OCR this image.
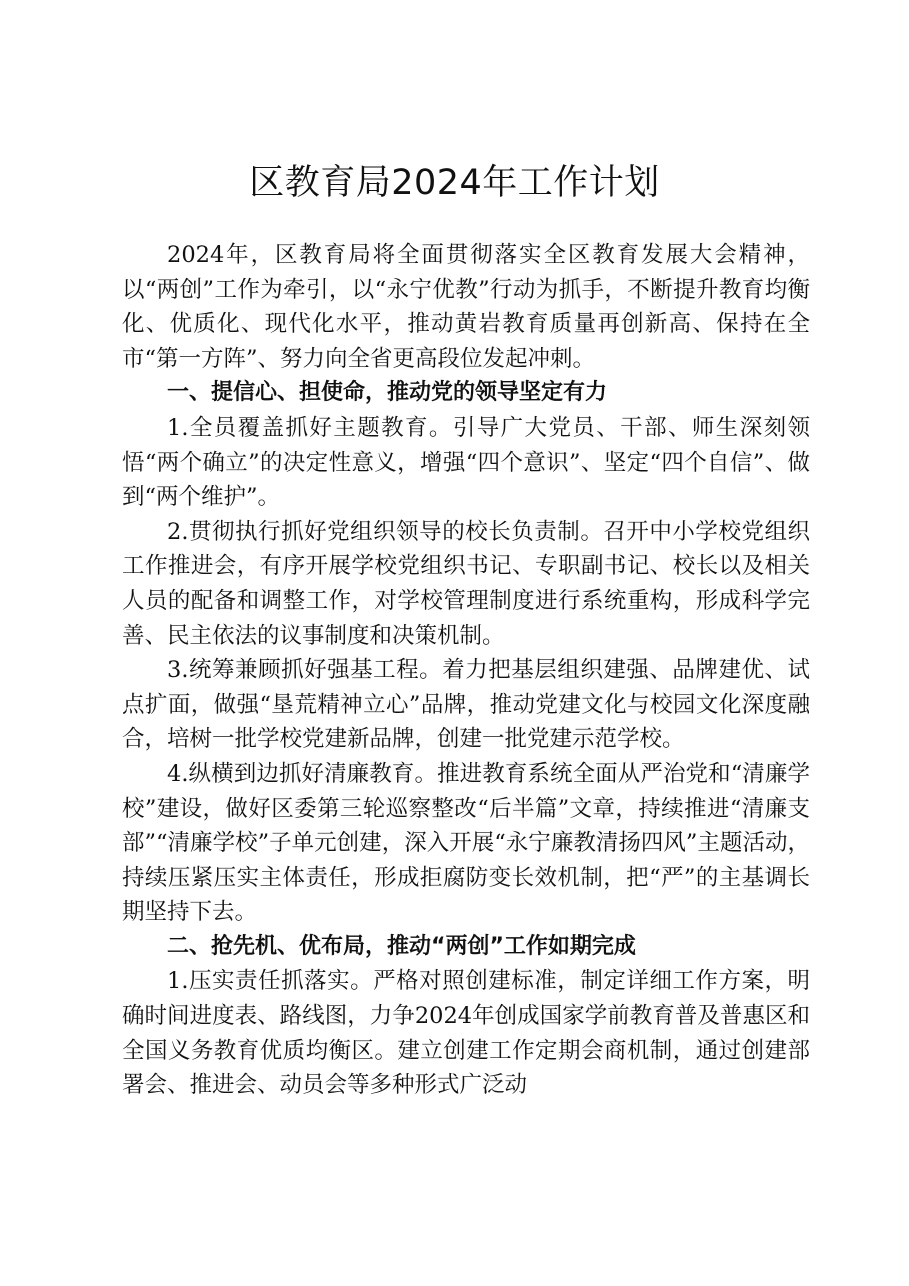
区教育局2024年工作计划

2024年，区教育局将全面贯彻落实全区教育发展大会精神，以“两创”工作为牵引，以“永宁优教”行动为抓手，不断提升教育均衡化、优质化、现代化水平，推动黄岩教育质量再创新高、保持在全市“第一方阵”、努力向全省更高段位发起冲刺。

一、提信心、担使命，推动党的领导坚定有力

1.全员覆盖抓好主题教育。引导广大党员、干部、师生深刻领悟“两个确立”的决定性意义，增强“四个意识”、坚定“四个自信”、做到“两个维护”。

2.贯彻执行抓好党组织领导的校长负责制。召开中小学校党组织工作推进会，有序开展学校党组织书记、专职副书记、校长以及相关人员的配备和调整工作，对学校管理制度进行系统重构，形成科学完善、民主依法的议事制度和决策机制。

3.统筹兼顾抓好强基工程。着力把基层组织建强、品牌建优、试点扩面，做强“垦荒精神立心”品牌，推动党建文化与校园文化深度融合，培树一批学校党建新品牌，创建一批党建示范学校。

4.纵横到边抓好清廉教育。推进教育系统全面从严治党和“清廉学校”建设，做好区委第三轮巡察整改“后半篇”文章，持续推进“清廉支部”“清廉学校”子单元创建，深入开展“永宁廉教清扬四风”主题活动，持续压紧压实主体责任，形成拒腐防变长效机制，把“严”的主基调长期坚持下去。

二、抢先机、优布局，推动“两创”工作如期完成

1.压实责任抓落实。严格对照创建标准，制定详细工作方案，明确时间进度表、路线图，力争2024年创成国家学前教育普及普惠区和全国义务教育优质均衡区。建立创建工作定期会商机制，通过创建部署会、推进会、动员会等多种形式广泛动
